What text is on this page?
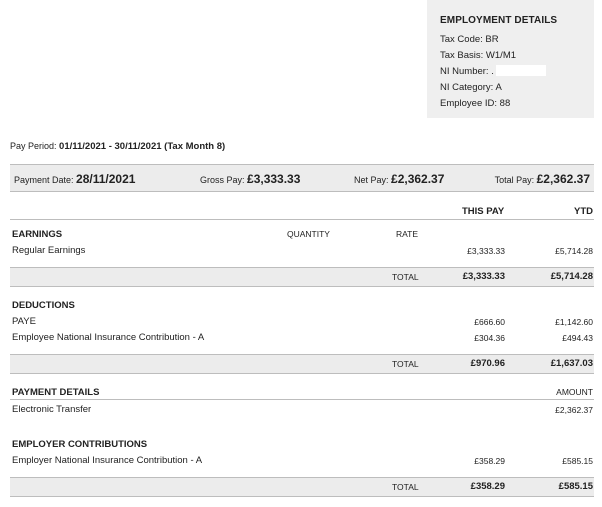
EMPLOYMENT DETAILS
Tax Code: BR
Tax Basis: W1/M1
NI Number: .
NI Category: A
Employee ID: 88
Pay Period: 01/11/2021 - 30/11/2021 (Tax Month 8)
Payment Date: 28/11/2021	Gross Pay: £3,333.33	Net Pay: £2,362.37	Total Pay: £2,362.37
THIS PAY	YTD
EARNINGS	QUANTITY	RATE
Regular Earnings	£3,333.33	£5,714.28
TOTAL	£3,333.33	£5,714.28
DEDUCTIONS
PAYE	£666.60	£1,142.60
Employee National Insurance Contribution - A	£304.36	£494.43
TOTAL	£970.96	£1,637.03
PAYMENT DETAILS	AMOUNT
Electronic Transfer	£2,362.37
EMPLOYER CONTRIBUTIONS
Employer National Insurance Contribution - A	£358.29	£585.15
TOTAL	£358.29	£585.15
